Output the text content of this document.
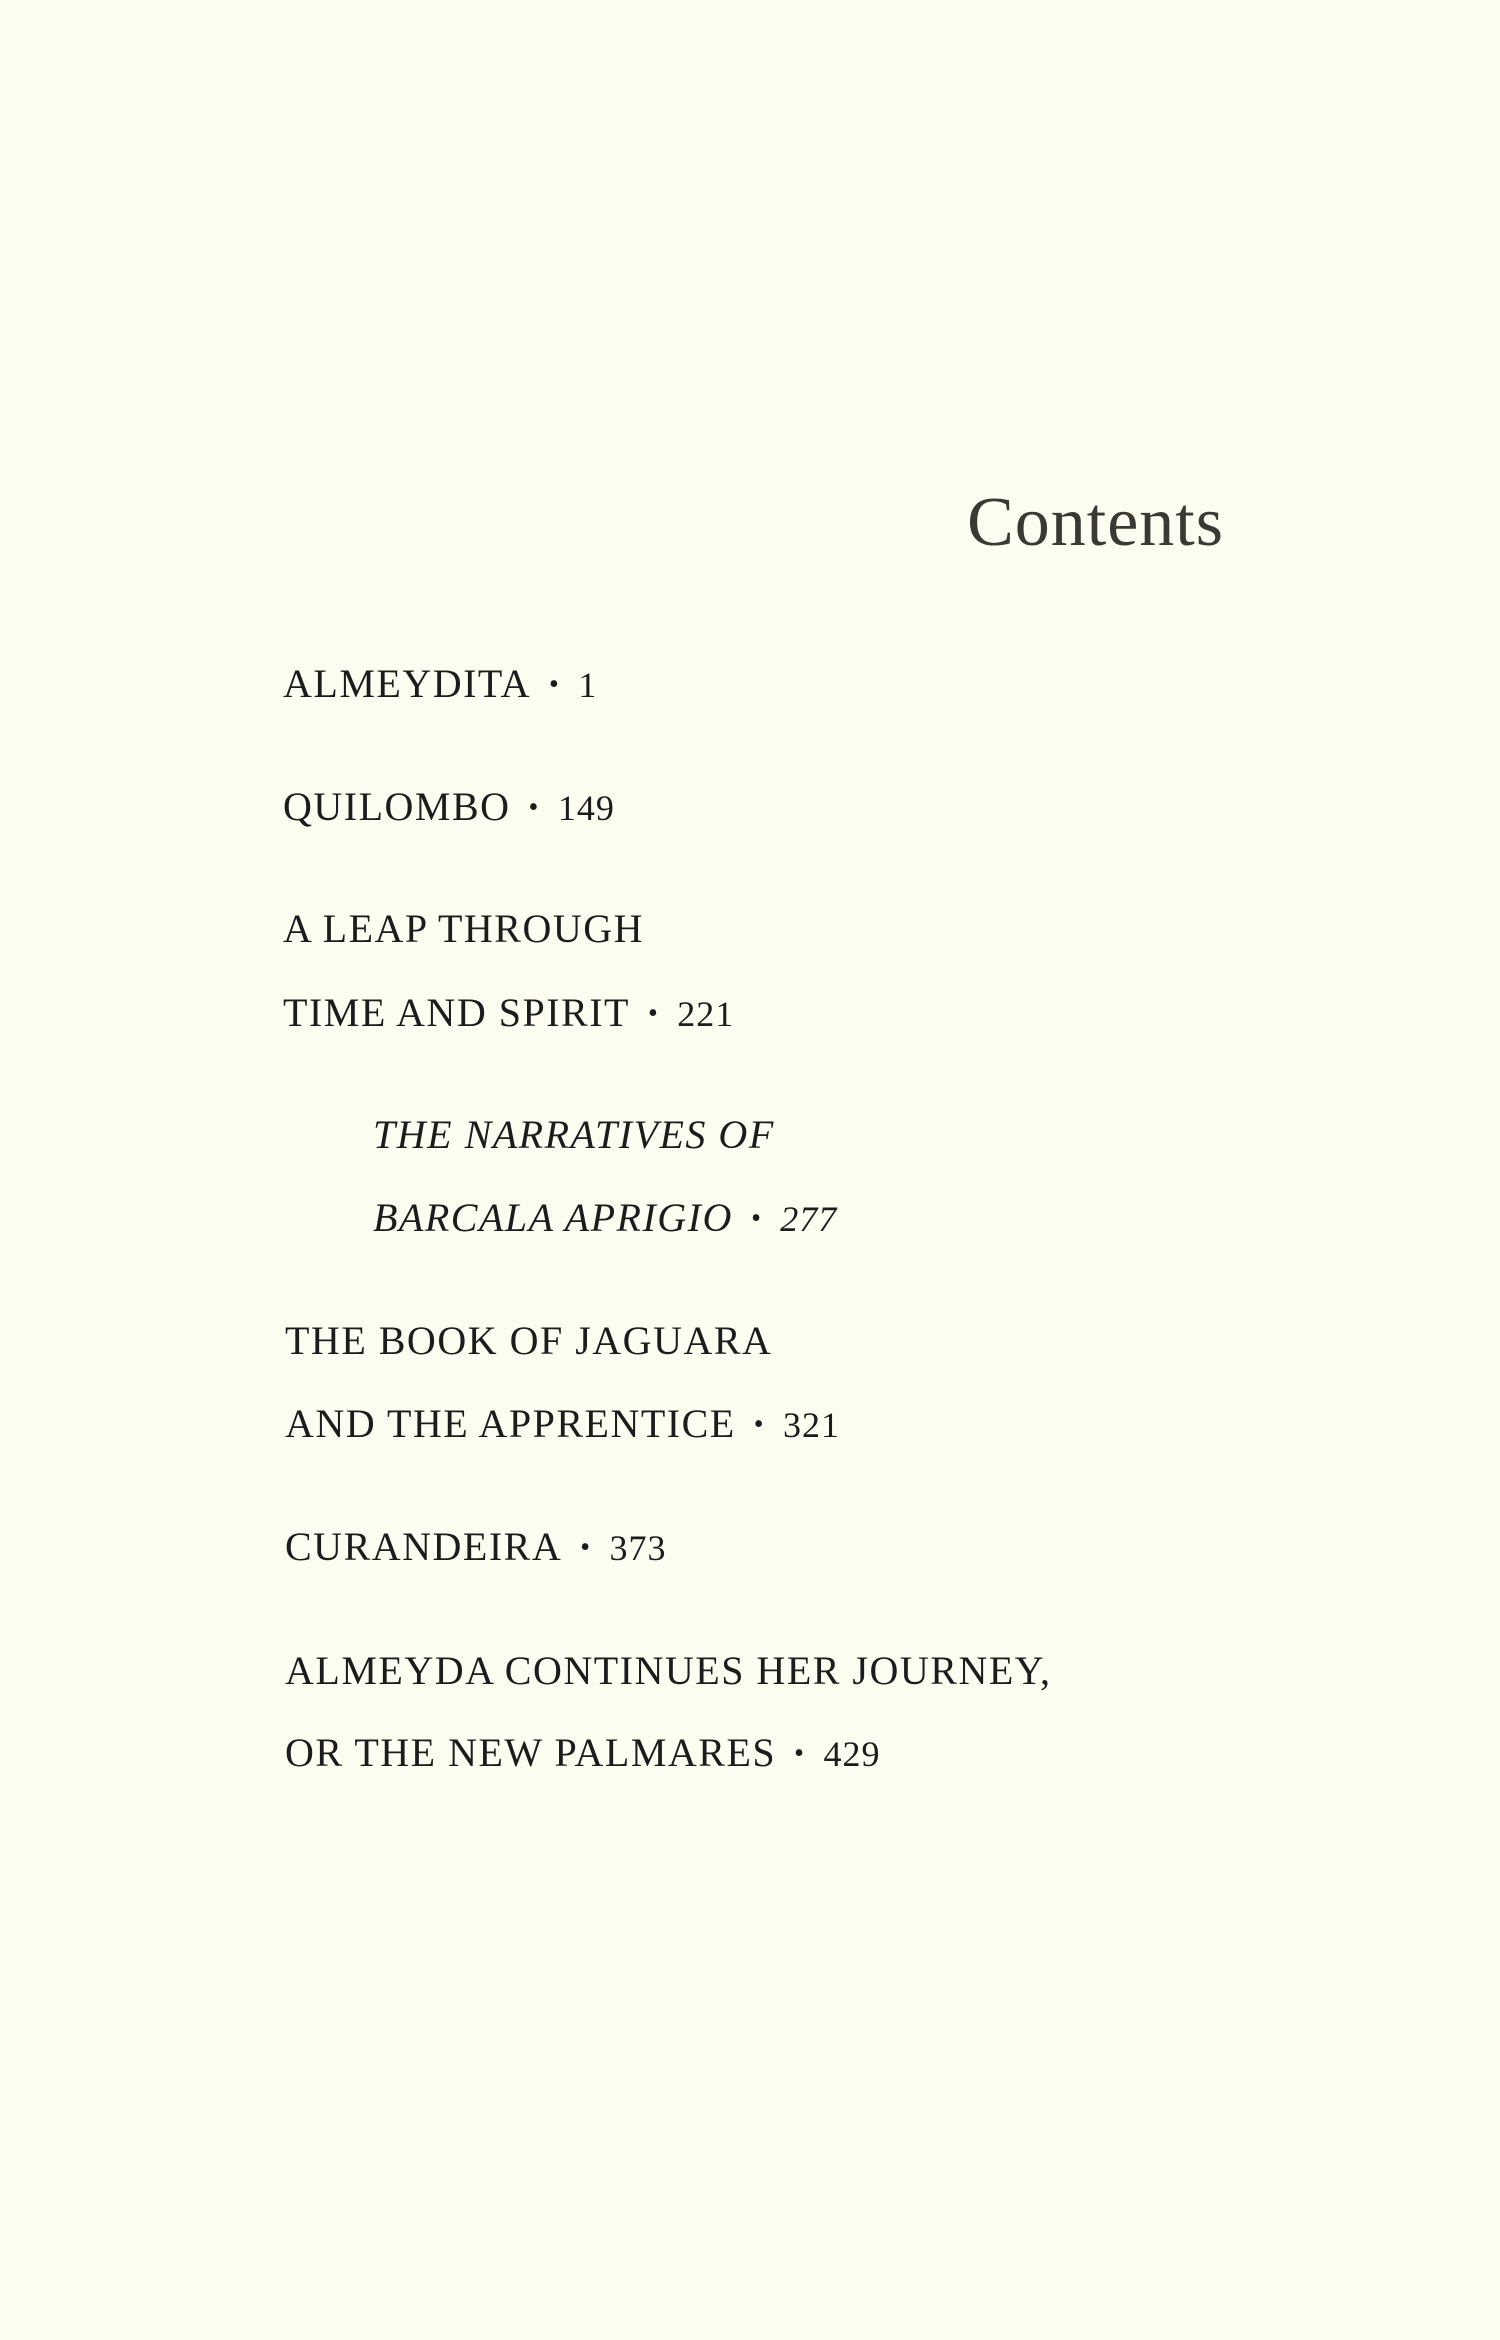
Contents
ALMEYDITA • 1
QUILOMBO • 149
A LEAP THROUGH
TIME AND SPIRIT • 221
THE NARRATIVES OF
BARCALA APRIGIO • 277
THE BOOK OF JAGUARA
AND THE APPRENTICE • 321
CURANDEIRA • 373
ALMEYDA CONTINUES HER JOURNEY,
OR THE NEW PALMARES • 429
